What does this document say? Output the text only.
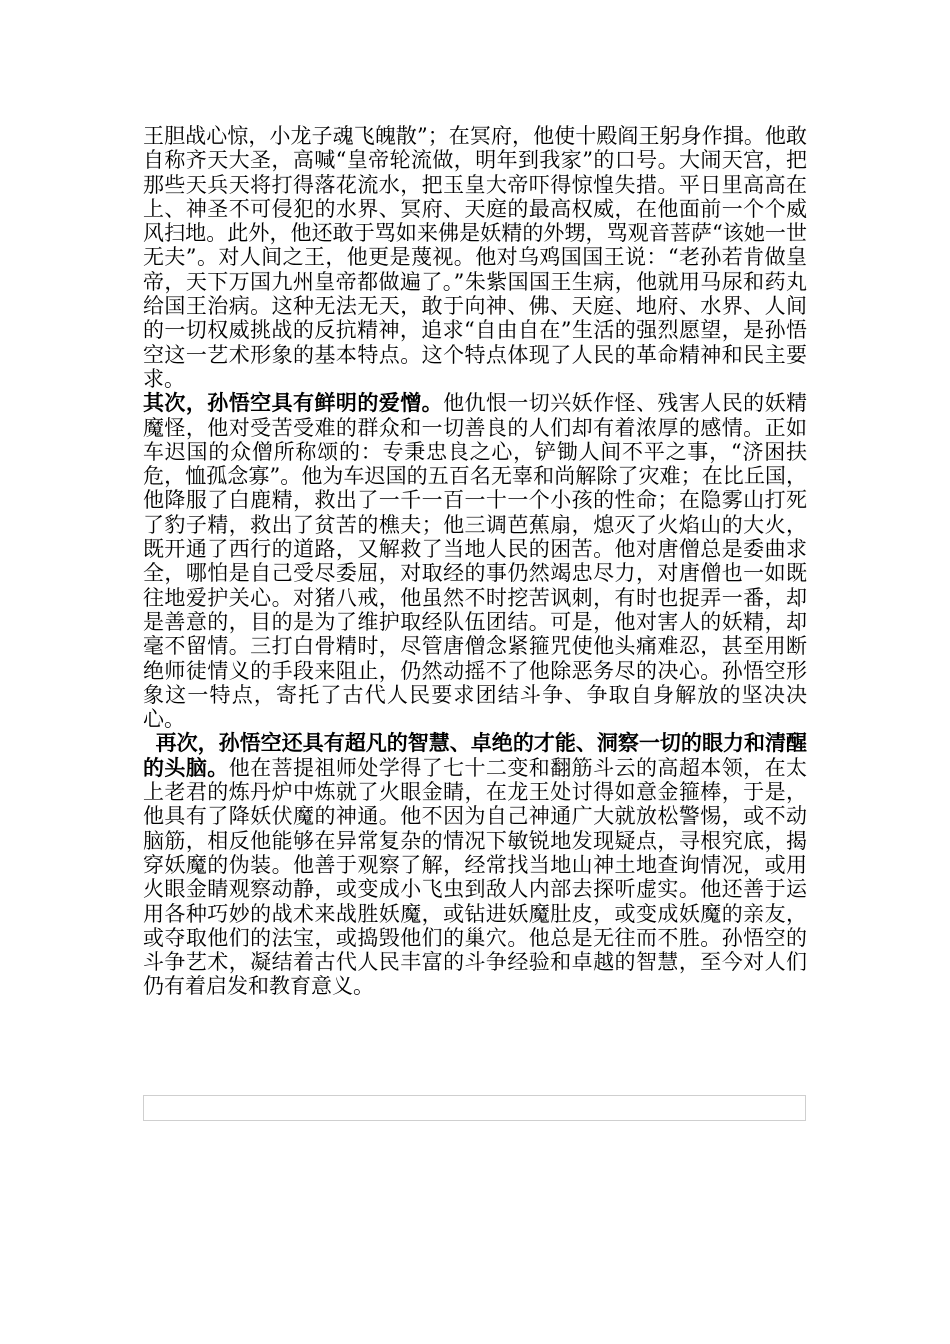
王胆战心惊，小龙子魂飞魄散”；在冥府，他使十殿阎王躬身作揖。他敢自称齐天大圣，高喊“皇帝轮流做，明年到我家”的口号。大闹天宫，把那些天兵天将打得落花流水，把玉皇大帝吓得惊惶失措。平日里高高在上、神圣不可侵犯的水界、冥府、天庭的最高权威，在他面前一个个威风扫地。此外，他还敢于骂如来佛是妖精的外甥，骂观音菩萨“该她一世无夫”。对人间之王，他更是蔑视。他对乌鸡国国王说：“老孙若肯做皇帝，天下万国九州皇帝都做遍了。”朱紫国国王生病，他就用马尿和药丸给国王治病。这种无法无天，敢于向神、佛、天庭、地府、水界、人间的一切权威挑战的反抗精神，追求“自由自在”生活的强烈愿望，是孙悟空这一艺术形象的基本特点。这个特点体现了人民的革命精神和民主要求。

其次，孙悟空具有鲜明的爱憎。他仇恨一切兴妖作怪、残害人民的妖精魔怪，他对受苦受难的群众和一切善良的人们却有着浓厚的感情。正如车迟国的众僧所称颂的：专秉忠良之心，铲锄人间不平之事，“济困扶危，恤孤念寡”。他为车迟国的五百名无辜和尚解除了灾难；在比丘国，他降服了白鹿精，救出了一千一百一十一个小孩的性命；在隐雾山打死了豹子精，救出了贫苦的樵夫；他三调芭蕉扇，熄灭了火焰山的大火，既开通了西行的道路，又解救了当地人民的困苦。他对唐僧总是委曲求全，哪怕是自己受尽委屈，对取经的事仍然竭忠尽力，对唐僧也一如既往地爱护关心。对猪八戒，他虽然不时挖苦讽刺，有时也捉弄一番，却是善意的，目的是为了维护取经队伍团结。可是，他对害人的妖精，却毫不留情。三打白骨精时，尽管唐僧念紧箍咒使他头痛难忍，甚至用断绝师徒情义的手段来阻止，仍然动摇不了他除恶务尽的决心。孙悟空形象这一特点，寄托了古代人民要求团结斗争、争取自身解放的坚决决心。

再次，孙悟空还具有超凡的智慧、卓绝的才能、洞察一切的眼力和清醒的头脑。他在菩提祖师处学得了七十二变和翻筋斗云的高超本领，在太上老君的炼丹炉中炼就了火眼金睛，在龙王处讨得如意金箍棒，于是，他具有了降妖伏魔的神通。他不因为自己神通广大就放松警惕，或不动脑筋，相反他能够在异常复杂的情况下敏锐地发现疑点，寻根究底，揭穿妖魔的伪装。他善于观察了解，经常找当地山神土地查询情况，或用火眼金睛观察动静，或变成小飞虫到敌人内部去探听虚实。他还善于运用各种巧妙的战术来战胜妖魔，或钻进妖魔肚皮，或变成妖魔的亲友，或夺取他们的法宝，或捣毁他们的巢穴。他总是无往而不胜。孙悟空的斗争艺术，凝结着古代人民丰富的斗争经验和卓越的智慧，至今对人们仍有着启发和教育意义。
